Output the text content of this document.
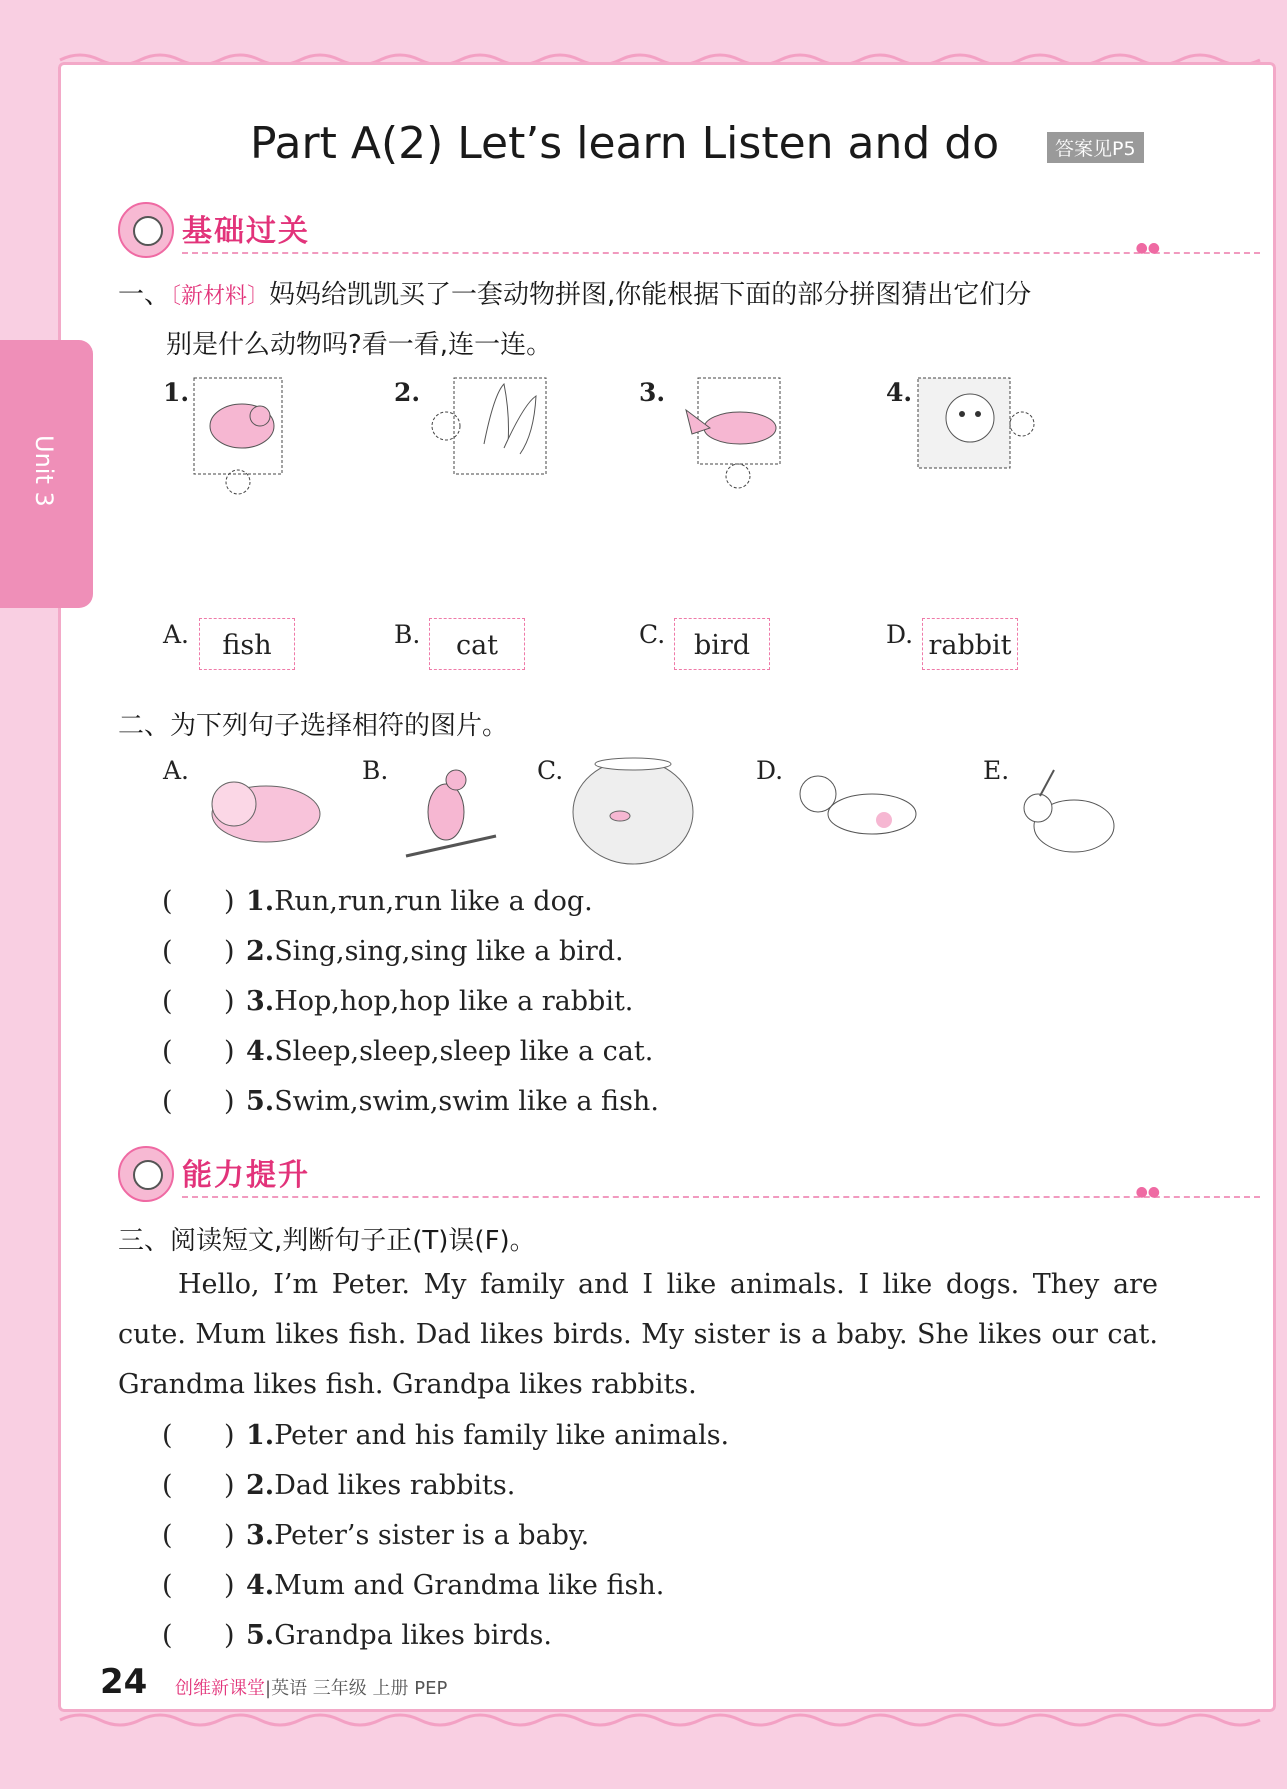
Unit 3
Part A(2) Let’s learn Listen and do	答案见P5
基础过关	●●
一、〔新材料〕妈妈给凯凯买了一套动物拼图,你能根据下面的部分拼图猜出它们分
别是什么动物吗?看一看,连一连。
1.	2.	3.	4.
A.	fish	B.	cat	C.	bird	D. rabbit
二、为下列句子选择相符的图片。
A.	B.	C.	D.	E.
(      ) 1.Run,run,run like a dog.
(      ) 2.Sing,sing,sing like a bird.
(      ) 3.Hop,hop,hop like a rabbit.
(      ) 4.Sleep,sleep,sleep like a cat.
(      ) 5.Swim,swim,swim like a fish.
能力提升	●●
三、阅读短文,判断句子正(T)误(F)。
Hello, I’m Peter. My family and I like animals. I like dogs. They are cute. Mum likes fish. Dad likes birds. My sister is a baby. She likes our cat. Grandma likes fish. Grandpa likes rabbits.
(      ) 1.Peter and his family like animals.
(      ) 2.Dad likes rabbits.
(      ) 3.Peter’s sister is a baby.
(      ) 4.Mum and Grandma like fish.
(      ) 5.Grandpa likes birds.
24 创维新课堂|英语 三年级 上册 PEP
